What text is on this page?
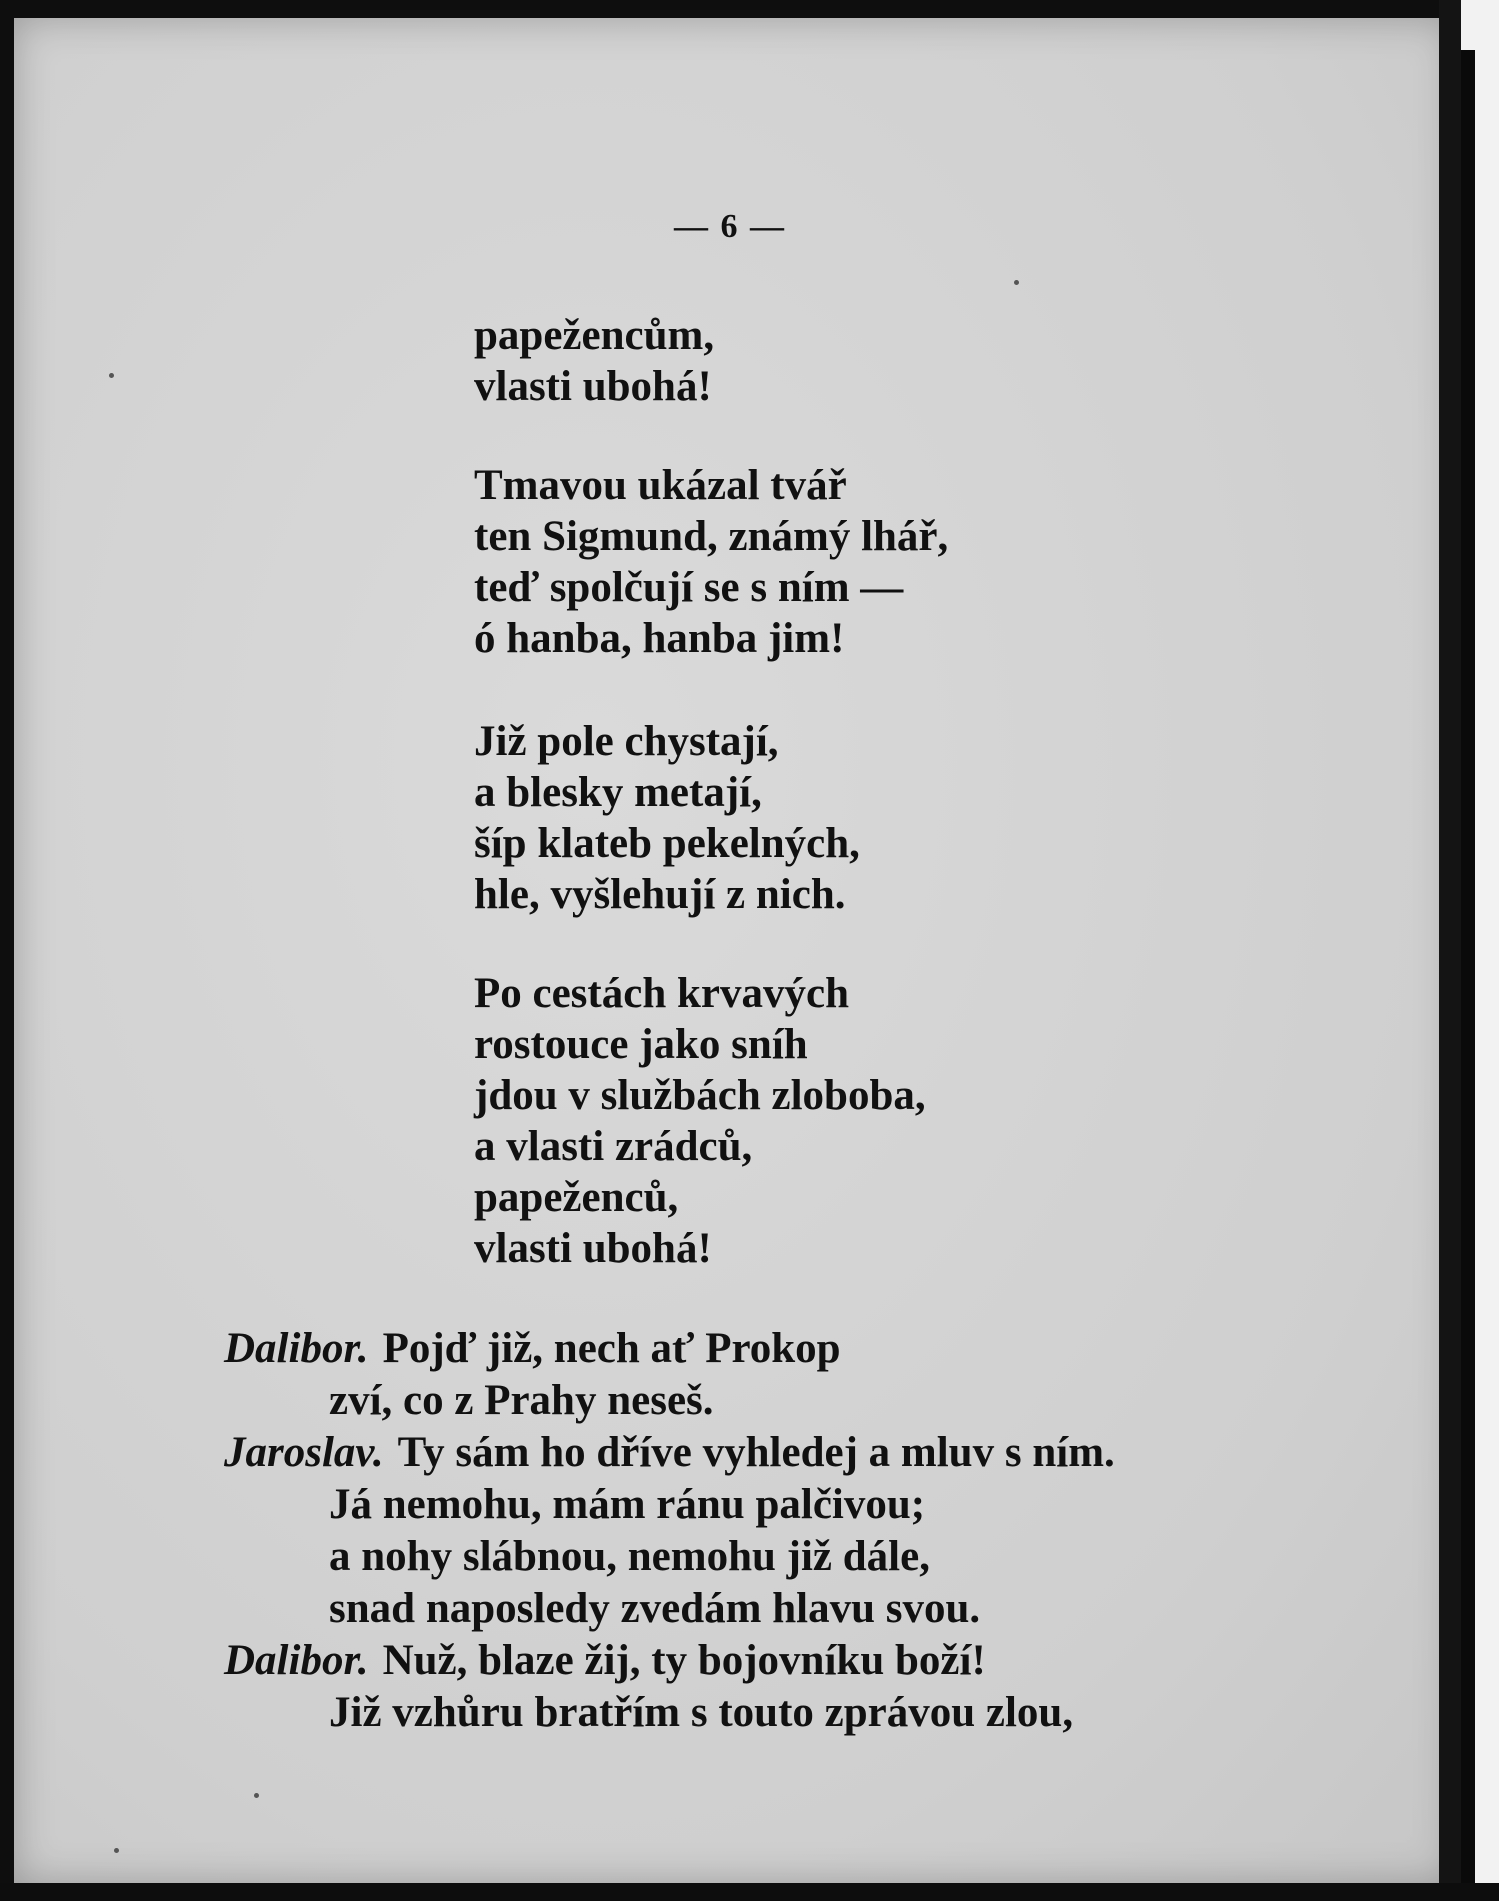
— 6 —
papežencům,
vlasti ubohá!
Tmavou ukázal tvář
ten Sigmund, známý lhář,
teď spolčují se s ním —
ó hanba, hanba jim!
Již pole chystají,
a blesky metají,
šíp klateb pekelných,
hle, vyšlehují z nich.
Po cestách krvavých
rostouce jako sníh
jdou v službách zloboba,
a vlasti zrádců,
papeženců,
vlasti ubohá!
Dalibor. Pojď již, nech ať Prokop
zví, co z Prahy neseš.
Jaroslav. Ty sám ho dříve vyhledej a mluv s ním.
Já nemohu, mám ránu palčivou;
a nohy slábnou, nemohu již dále,
snad naposledy zvedám hlavu svou.
Dalibor. Nuž, blaze žij, ty bojovníku boží!
Již vzhůru bratřím s touto zprávou zlou,
